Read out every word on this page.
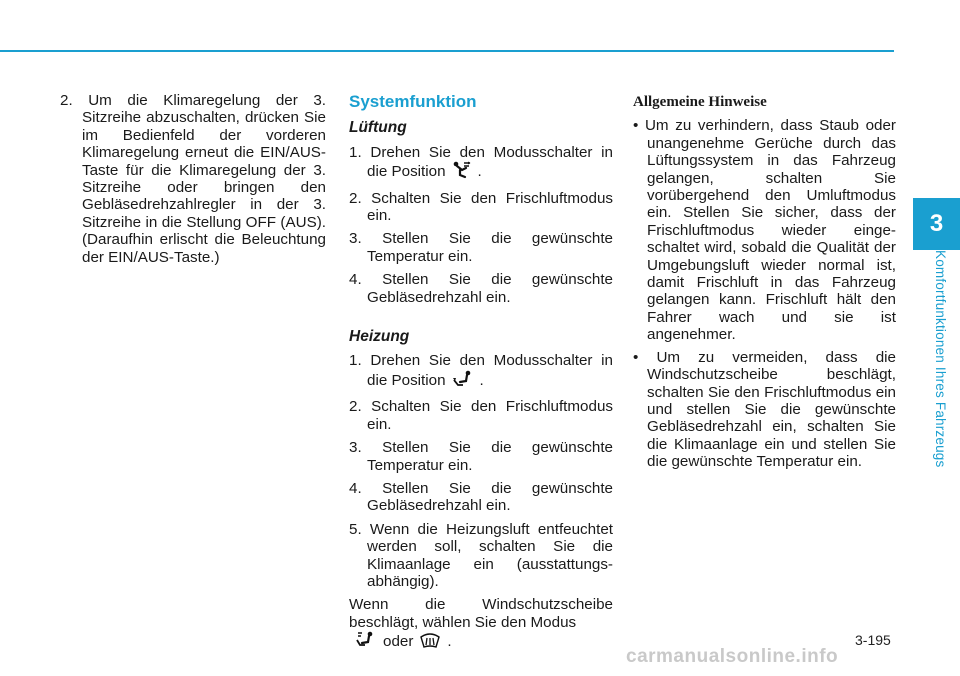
3
Komfortfunktionen Ihres Fahrzeugs

2. Um die Klimaregelung der 3. Sitzreihe abzuschalten, drücken Sie im Bedienfeld der vorderen Klimaregelung erneut die EIN/AUS-Taste für die Klimaregelung der 3. Sitzreihe oder bringen den Gebläsedrehzahlregler in der 3. Sitzreihe in die Stellung OFF (AUS). (Daraufhin erlischt die Beleuchtung der EIN/AUS-Taste.)

Systemfunktion
Lüftung

1. Drehen Sie den Modusschalter in die Position .

2. Schalten Sie den Frischluftmodus ein.

3. Stellen Sie die gewünschte Temperatur ein.

4. Stellen Sie die gewünschte Gebläsedrehzahl ein.

Heizung

1. Drehen Sie den Modusschalter in die Position .

2. Schalten Sie den Frischluftmodus ein.

3. Stellen Sie die gewünschte Temperatur ein.

4. Stellen Sie die gewünschte Gebläsedrehzahl ein.

5. Wenn die Heizungsluft entfeuchtet werden soll, schalten Sie die Klimaanlage ein (ausstattungs-abhängig).

Wenn die Windschutzscheibe beschlägt, wählen Sie den Modus
oder .

Allgemeine Hinweise

• Um zu verhindern, dass Staub oder unangenehme Gerüche durch das Lüftungssystem in das Fahrzeug gelangen, schalten Sie vorübergehend den Umluftmodus ein. Stellen Sie sicher, dass der Frischluftmodus wieder einge-schaltet wird, sobald die Qualität der Umgebungsluft wieder normal ist, damit Frischluft in das Fahrzeug gelangen kann. Frischluft hält den Fahrer wach und sie ist angenehmer.

• Um zu vermeiden, dass die Windschutzscheibe beschlägt, schalten Sie den Frischluftmodus ein und stellen Sie die gewünschte Gebläsedrehzahl ein, schalten Sie die Klimaanlage ein und stellen Sie die gewünschte Temperatur ein.

3-195
carmanualsonline.info
